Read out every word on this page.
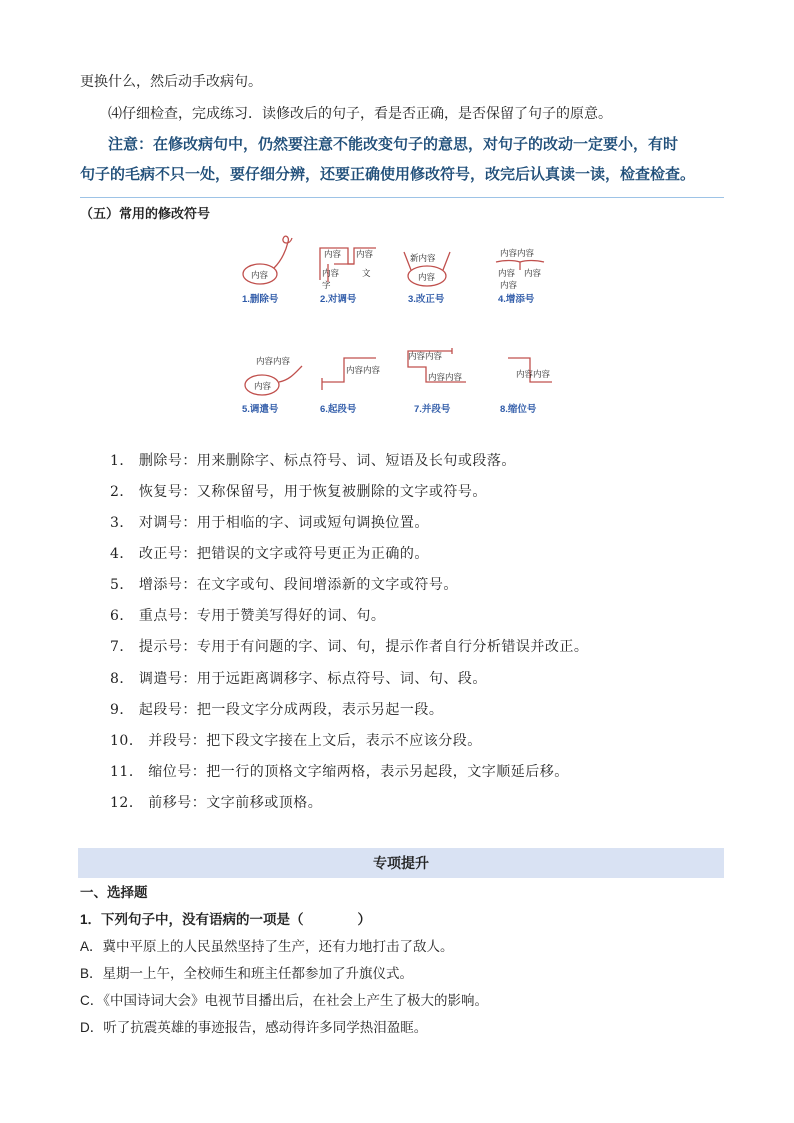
更换什么，然后动手改病句。
⑷仔细检查，完成练习．读修改后的句子，看是否正确，是否保留了句子的原意。
注意：在修改病句中，仍然要注意不能改变句子的意思，对句子的改动一定要小，有时
句子的毛病不只一处，要仔细分辨，还要正确使用修改符号，改完后认真读一读，检查检查。
（五）常用的修改符号
内容
内容 内容
内容	文
字
新内容
内容
内容内容
内容 内容
内容
内容内容
内容
内容内容
内容内容
内容内容	内容内容
1.删除号	2.对调号	3.改正号	4.增添号
5.调遣号	6.起段号	7.并段号	8.缩位号
1． 删除号：用来删除字、标点符号、词、短语及长句或段落。
2． 恢复号：又称保留号，用于恢复被删除的文字或符号。
3． 对调号：用于相临的字、词或短句调换位置。
4． 改正号：把错误的文字或符号更正为正确的。
5． 增添号：在文字或句、段间增添新的文字或符号。
6． 重点号：专用于赞美写得好的词、句。
7． 提示号：专用于有问题的字、词、句，提示作者自行分析错误并改正。
8． 调遣号：用于远距离调移字、标点符号、词、句、段。
9． 起段号：把一段文字分成两段，表示另起一段。
10． 并段号：把下段文字接在上文后，表示不应该分段。
11． 缩位号：把一行的顶格文字缩两格，表示另起段，文字顺延后移。
12． 前移号：文字前移或顶格。
专项提升
一、选择题
1．下列句子中，没有语病的一项是（　　　　）
A．冀中平原上的人民虽然坚持了生产，还有力地打击了敌人。
B．星期一上午，全校师生和班主任都参加了升旗仪式。
C．《中国诗词大会》电视节目播出后，在社会上产生了极大的影响。
D．听了抗震英雄的事迹报告，感动得许多同学热泪盈眶。
